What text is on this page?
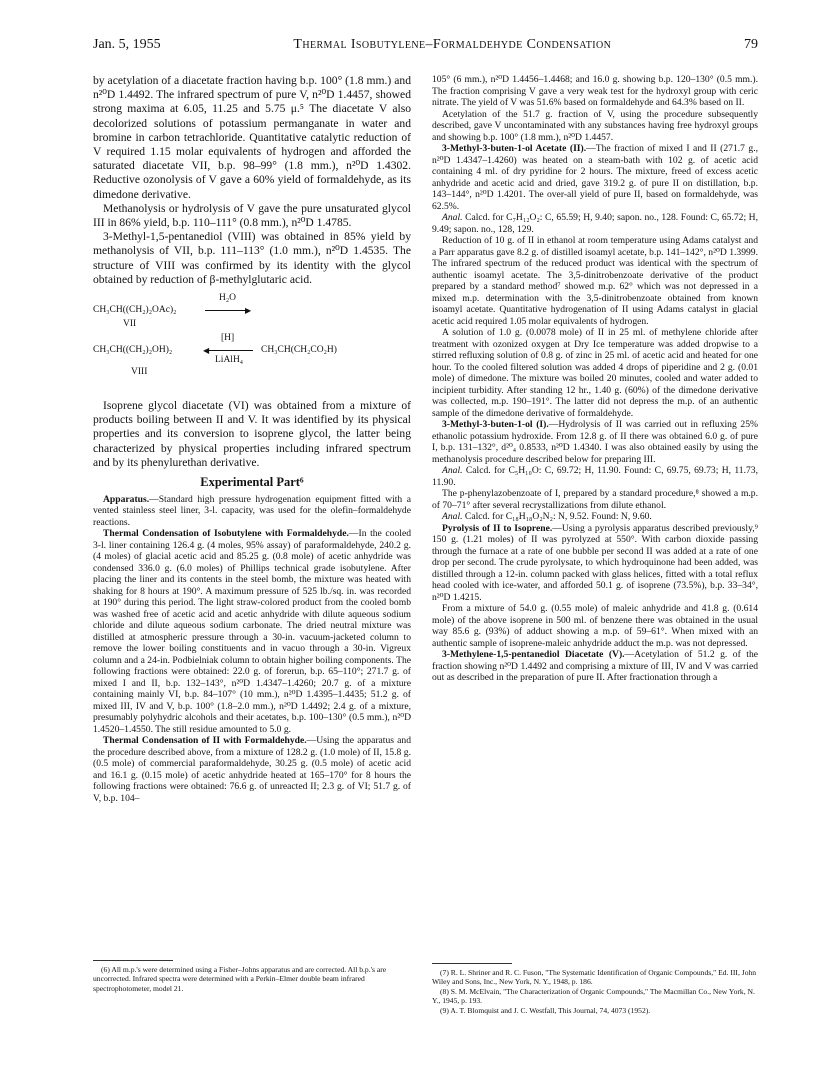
Jan. 5, 1955	Thermal Isobutylene–Formaldehyde Condensation	79

by acetylation of a diacetate fraction having b.p. 100° (1.8 mm.) and n²⁰D 1.4492. The infrared spectrum of pure V, n²⁰D 1.4457, showed strong maxima at 6.05, 11.25 and 5.75 μ.⁵ The diacetate V also decolorized solutions of potassium permanganate in water and bromine in carbon tetrachloride. Quantitative catalytic reduction of V required 1.15 molar equivalents of hydrogen and afforded the saturated diacetate VII, b.p. 98–99° (1.8 mm.), n²⁰D 1.4302. Reductive ozonolysis of V gave a 60% yield of formaldehyde, as its dimedone derivative.

Methanolysis or hydrolysis of V gave the pure unsaturated glycol III in 86% yield, b.p. 110–111° (0.8 mm.), n²⁰D 1.4785.

3-Methyl-1,5-pentanediol (VIII) was obtained in 85% yield by methanolysis of VII, b.p. 111–113° (1.0 mm.), n²⁰D 1.4535. The structure of VIII was confirmed by its identity with the glycol obtained by reduction of β-methylglutaric acid.

CH₃CH((CH₂)₂OAc)₂
H₂O
▶
VII
CH₃CH((CH₂)₂OH)₂
[H]
◀
LiAlH₄
CH₃CH(CH₂CO₂H)
VIII

Isoprene glycol diacetate (VI) was obtained from a mixture of products boiling between II and V. It was identified by its physical properties and its conversion to isoprene glycol, the latter being characterized by physical properties including infrared spectrum and by its phenylurethan derivative.

Experimental Part⁶

Apparatus.—Standard high pressure hydrogenation equipment fitted with a vented stainless steel liner, 3-l. capacity, was used for the olefin–formaldehyde reactions.

Thermal Condensation of Isobutylene with Formaldehyde.—In the cooled 3-l. liner containing 126.4 g. (4 moles, 95% assay) of paraformaldehyde, 240.2 g. (4 moles) of glacial acetic acid and 85.25 g. (0.8 mole) of acetic anhydride was condensed 336.0 g. (6.0 moles) of Phillips technical grade isobutylene. After placing the liner and its contents in the steel bomb, the mixture was heated with shaking for 8 hours at 190°. A maximum pressure of 525 lb./sq. in. was recorded at 190° during this period. The light straw-colored product from the cooled bomb was washed free of acetic acid and acetic anhydride with dilute aqueous sodium chloride and dilute aqueous sodium carbonate. The dried neutral mixture was distilled at atmospheric pressure through a 30-in. vacuum-jacketed column to remove the lower boiling constituents and in vacuo through a 30-in. Vigreux column and a 24-in. Podbielniak column to obtain higher boiling components. The following fractions were obtained: 22.0 g. of forerun, b.p. 65–110°; 271.7 g. of mixed I and II, b.p. 132–143°, n²⁰D 1.4347–1.4260; 20.7 g. of a mixture containing mainly VI, b.p. 84–107° (10 mm.), n²⁰D 1.4395–1.4435; 51.2 g. of mixed III, IV and V, b.p. 100° (1.8–2.0 mm.), n²⁰D 1.4492; 2.4 g. of a mixture, presumably polyhydric alcohols and their acetates, b.p. 100–130° (0.5 mm.), n²⁰D 1.4520–1.4550. The still residue amounted to 5.0 g.

Thermal Condensation of II with Formaldehyde.—Using the apparatus and the procedure described above, from a mixture of 128.2 g. (1.0 mole) of II, 15.8 g. (0.5 mole) of commercial paraformaldehyde, 30.25 g. (0.5 mole) of acetic acid and 16.1 g. (0.15 mole) of acetic anhydride heated at 165–170° for 8 hours the following fractions were obtained: 76.6 g. of unreacted II; 2.3 g. of VI; 51.7 g. of V, b.p. 104–

(6) All m.p.'s were determined using a Fisher–Johns apparatus and are corrected. All b.p.'s are uncorrected. Infrared spectra were determined with a Perkin–Elmer double beam infrared spectrophotometer, model 21.

105° (6 mm.), n²⁰D 1.4456–1.4468; and 16.0 g. showing b.p. 120–130° (0.5 mm.). The fraction comprising V gave a very weak test for the hydroxyl group with ceric nitrate. The yield of V was 51.6% based on formaldehyde and 64.3% based on II.

Acetylation of the 51.7 g. fraction of V, using the procedure subsequently described, gave V uncontaminated with any substances having free hydroxyl groups and showing b.p. 100° (1.8 mm.), n²⁰D 1.4457.

3-Methyl-3-buten-1-ol Acetate (II).—The fraction of mixed I and II (271.7 g., n²⁰D 1.4347–1.4260) was heated on a steam-bath with 102 g. of acetic acid containing 4 ml. of dry pyridine for 2 hours. The mixture, freed of excess acetic anhydride and acetic acid and dried, gave 319.2 g. of pure II on distillation, b.p. 143–144°, n²⁰D 1.4201. The over-all yield of pure II, based on formaldehyde, was 62.5%.

Anal. Calcd. for C₇H₁₂O₂: C, 65.59; H, 9.40; sapon. no., 128. Found: C, 65.72; H, 9.49; sapon. no., 128, 129.

Reduction of 10 g. of II in ethanol at room temperature using Adams catalyst and a Parr apparatus gave 8.2 g. of distilled isoamyl acetate, b.p. 141–142°, n²⁰D 1.3999. The infrared spectrum of the reduced product was identical with the spectrum of authentic isoamyl acetate. The 3,5-dinitrobenzoate derivative of the product prepared by a standard method⁷ showed m.p. 62° which was not depressed in a mixed m.p. determination with the 3,5-dinitrobenzoate obtained from known isoamyl acetate. Quantitative hydrogenation of II using Adams catalyst in glacial acetic acid required 1.05 molar equivalents of hydrogen.

A solution of 1.0 g. (0.0078 mole) of II in 25 ml. of methylene chloride after treatment with ozonized oxygen at Dry Ice temperature was added dropwise to a stirred refluxing solution of 0.8 g. of zinc in 25 ml. of acetic acid and heated for one hour. To the cooled filtered solution was added 4 drops of piperidine and 2 g. (0.01 mole) of dimedone. The mixture was boiled 20 minutes, cooled and water added to incipient turbidity. After standing 12 hr., 1.40 g. (60%) of the dimedone derivative was collected, m.p. 190–191°. The latter did not depress the m.p. of an authentic sample of the dimedone derivative of formaldehyde.

3-Methyl-3-buten-1-ol (I).—Hydrolysis of II was carried out in refluxing 25% ethanolic potassium hydroxide. From 12.8 g. of II there was obtained 6.0 g. of pure I, b.p. 131–132°, d²⁰₄ 0.8533, n²⁰D 1.4340. I was also obtained easily by using the methanolysis procedure described below for preparing III.

Anal. Calcd. for C₅H₁₀O: C, 69.72; H, 11.90. Found: C, 69.75, 69.73; H, 11.73, 11.90.

The p-phenylazobenzoate of I, prepared by a standard procedure,⁸ showed a m.p. of 70–71° after several recrystallizations from dilute ethanol.

Anal. Calcd. for C₁₈H₁₈O₂N₂: N, 9.52. Found: N, 9.60.

Pyrolysis of II to Isoprene.—Using a pyrolysis apparatus described previously,⁹ 150 g. (1.21 moles) of II was pyrolyzed at 550°. With carbon dioxide passing through the furnace at a rate of one bubble per second II was added at a rate of one drop per second. The crude pyrolysate, to which hydroquinone had been added, was distilled through a 12-in. column packed with glass helices, fitted with a total reflux head cooled with ice-water, and afforded 50.1 g. of isoprene (73.5%), b.p. 33–34°, n²⁰D 1.4215.

From a mixture of 54.0 g. (0.55 mole) of maleic anhydride and 41.8 g. (0.614 mole) of the above isoprene in 500 ml. of benzene there was obtained in the usual way 85.6 g. (93%) of adduct showing a m.p. of 59–61°. When mixed with an authentic sample of isoprene-maleic anhydride adduct the m.p. was not depressed.

3-Methylene-1,5-pentanediol Diacetate (V).—Acetylation of 51.2 g. of the fraction showing n²⁰D 1.4492 and comprising a mixture of III, IV and V was carried out as described in the preparation of pure II. After fractionation through a

(7) R. L. Shriner and R. C. Fuson, "The Systematic Identification of Organic Compounds," Ed. III, John Wiley and Sons, Inc., New York, N. Y., 1948, p. 186.

(8) S. M. McElvain, "The Characterization of Organic Compounds," The Macmillan Co., New York, N. Y., 1945, p. 193.

(9) A. T. Blomquist and J. C. Westfall, This Journal, 74, 4073 (1952).
